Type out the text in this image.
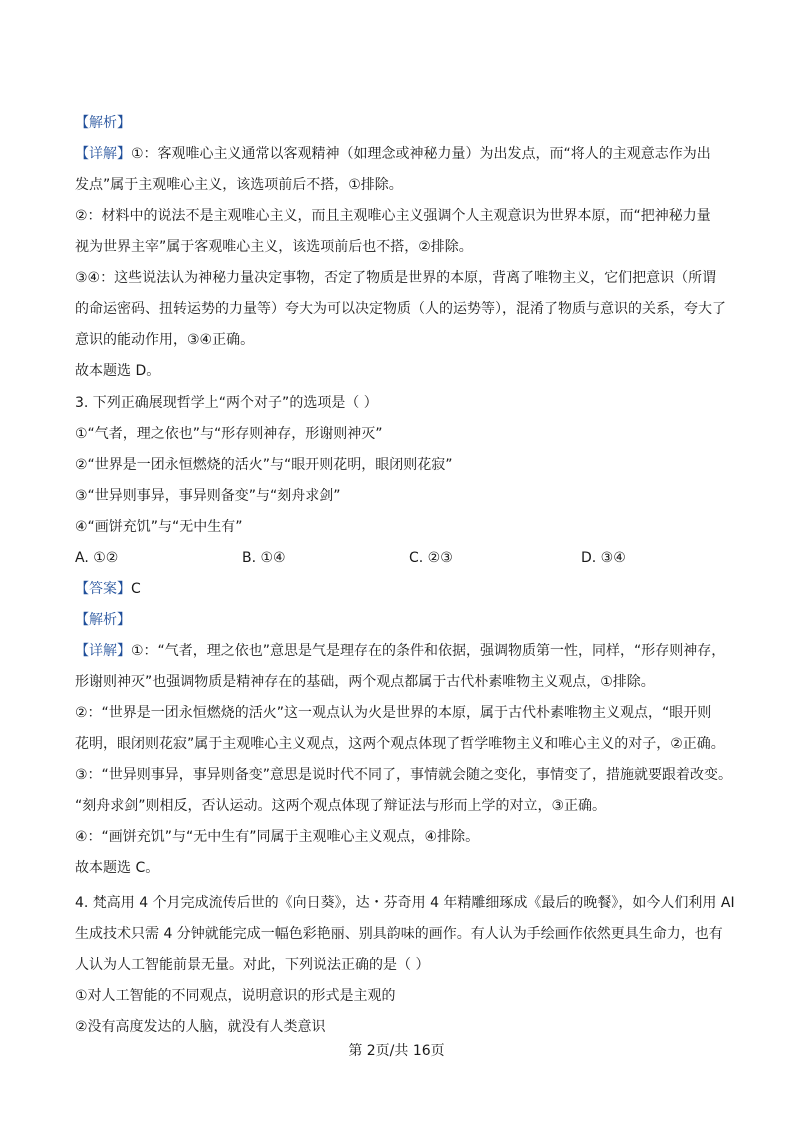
【解析】
【详解】①：客观唯心主义通常以客观精神（如理念或神秘力量）为出发点，而“将人的主观意志作为出
发点”属于主观唯心主义，该选项前后不搭，①排除。
②：材料中的说法不是主观唯心主义，而且主观唯心主义强调个人主观意识为世界本原，而“把神秘力量
视为世界主宰”属于客观唯心主义，该选项前后也不搭，②排除。
③④：这些说法认为神秘力量决定事物，否定了物质是世界的本原，背离了唯物主义，它们把意识（所谓
的命运密码、扭转运势的力量等）夸大为可以决定物质（人的运势等），混淆了物质与意识的关系，夸大了
意识的能动作用，③④正确。
故本题选 D。
3. 下列正确展现哲学上“两个对子”的选项是（ ）
①“气者，理之依也”与“形存则神存，形谢则神灭”
②“世界是一团永恒燃烧的活火”与“眼开则花明，眼闭则花寂”
③“世异则事异，事异则备变”与“刻舟求剑”
④“画饼充饥”与“无中生有”
A. ①②	B. ①④	C. ②③	D. ③④
【答案】C
【解析】
【详解】①：“气者，理之依也”意思是气是理存在的条件和依据，强调物质第一性，同样，“形存则神存，
形谢则神灭”也强调物质是精神存在的基础，两个观点都属于古代朴素唯物主义观点，①排除。
②：“世界是一团永恒燃烧的活火”这一观点认为火是世界的本原，属于古代朴素唯物主义观点，“眼开则
花明，眼闭则花寂”属于主观唯心主义观点，这两个观点体现了哲学唯物主义和唯心主义的对子，②正确。
③：“世异则事异，事异则备变”意思是说时代不同了，事情就会随之变化，事情变了，措施就要跟着改变。
“刻舟求剑”则相反，否认运动。这两个观点体现了辩证法与形而上学的对立，③正确。
④：“画饼充饥”与“无中生有”同属于主观唯心主义观点，④排除。
故本题选 C。
4. 梵高用 4 个月完成流传后世的《向日葵》，达・芬奇用 4 年精雕细琢成《最后的晚餐》，如今人们利用 AI
生成技术只需 4 分钟就能完成一幅色彩艳丽、别具韵味的画作。有人认为手绘画作依然更具生命力，也有
人认为人工智能前景无量。对此，下列说法正确的是（ ）
①对人工智能的不同观点，说明意识的形式是主观的
②没有高度发达的人脑，就没有人类意识
第 2页/共 16页
